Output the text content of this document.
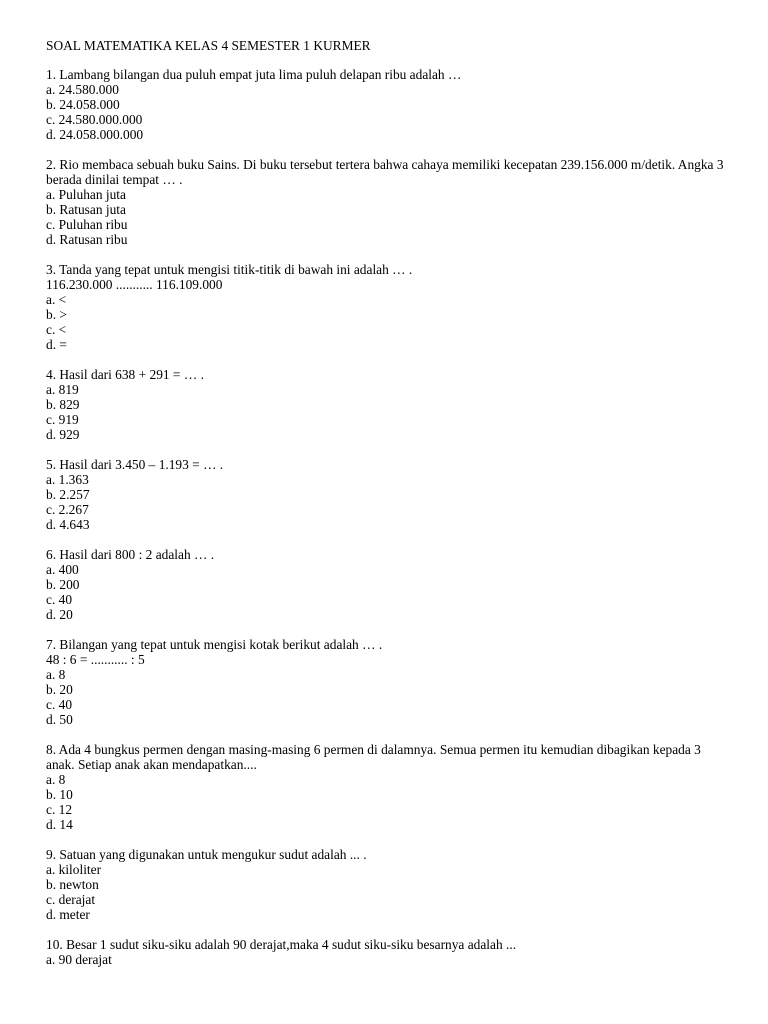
SOAL MATEMATIKA KELAS 4 SEMESTER 1 KURMER

1. Lambang bilangan dua puluh empat juta lima puluh delapan ribu adalah …

a. 24.580.000
b. 24.058.000
c. 24.580.000.000
d. 24.058.000.000

2. Rio membaca sebuah buku Sains. Di buku tersebut tertera bahwa cahaya memiliki kecepatan 239.156.000 m/detik. Angka 3 berada dinilai tempat … .

a. Puluhan juta
b. Ratusan juta
c. Puluhan ribu
d. Ratusan ribu

3. Tanda yang tepat untuk mengisi titik-titik di bawah ini adalah … .

116.230.000 ........... 116.109.000

a. <
b. >
c. <
d. =

4. Hasil dari 638 + 291 = … .

a. 819
b. 829
c. 919
d. 929

5. Hasil dari 3.450 – 1.193 = … .

a. 1.363
b. 2.257
c. 2.267
d. 4.643

6. Hasil dari 800 : 2 adalah … .

a. 400
b. 200
c. 40
d. 20

7. Bilangan yang tepat untuk mengisi kotak berikut adalah … .

48 : 6 = ........... : 5

a. 8
b. 20
c. 40
d. 50

8. Ada 4 bungkus permen dengan masing-masing 6 permen di dalamnya. Semua permen itu kemudian dibagikan kepada 3 anak. Setiap anak akan mendapatkan....

a. 8
b. 10
c. 12
d. 14

9. Satuan yang digunakan untuk mengukur sudut adalah ... .

a. kiloliter
b. newton
c. derajat
d. meter

10. Besar 1 sudut siku-siku adalah 90 derajat,maka 4 sudut siku-siku besarnya adalah ...

a. 90 derajat
